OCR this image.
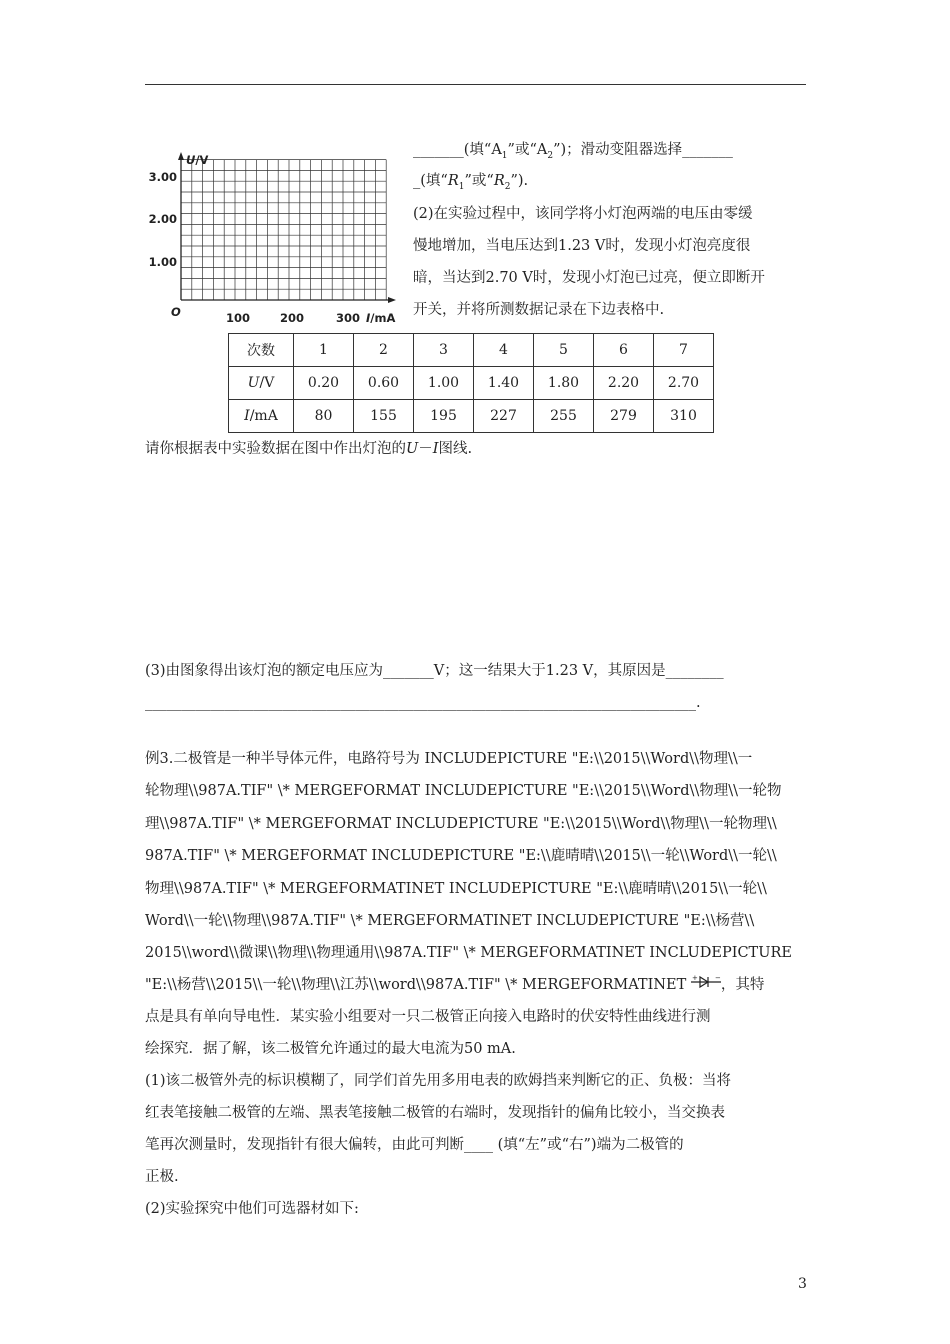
U/V
3.00
2.00
1.00
O	100	200	300 I/mA
_______(填“$A_1$”或“$A_2$”)；滑动变阻器选择_______
_(填“$R_1$”或“$R_2$”).
(2)在实验过程中，该同学将小灯泡两端的电压由零缓
慢地增加，当电压达到1.23 V时，发现小灯泡亮度很
暗，当达到2.70 V时，发现小灯泡已过亮，便立即断开
开关，并将所测数据记录在下边表格中.
次数	1	2	3	4	5	6	7
U/V	0.20	0.60	1.00	1.40	1.80	2.20	2.70
I/mA	80	155	195	227	255	279	310
请你根据表中实验数据在图中作出灯泡的U－I图线.
(3)由图象得出该灯泡的额定电压应为_______V；这一结果大于1.23 V，其原因是________
____________________________________________________________________________.
例3.二极管是一种半导体元件，电路符号为 INCLUDEPICTURE "E:\\2015\\Word\\物理\\一
轮物理\\987A.TIF" \* MERGEFORMAT INCLUDEPICTURE "E:\\2015\\Word\\物理\\一轮物
理\\987A.TIF" \* MERGEFORMAT INCLUDEPICTURE "E:\\2015\\Word\\物理\\一轮物理\\
987A.TIF" \* MERGEFORMAT INCLUDEPICTURE "E:\\鹿晴晴\\2015\\一轮\\Word\\一轮\\
物理\\987A.TIF" \* MERGEFORMATINET INCLUDEPICTURE "E:\\鹿晴晴\\2015\\一轮\\
Word\\一轮\\物理\\987A.TIF" \* MERGEFORMATINET INCLUDEPICTURE "E:\\杨营\\
2015\\word\\微课\\物理\\物理通用\\987A.TIF" \* MERGEFORMATINET INCLUDEPICTURE
"E:\\杨营\\2015\\一轮\\物理\\江苏\\word\\987A.TIF" \* MERGEFORMATINET + − ，其特
点是具有单向导电性．某实验小组要对一只二极管正向接入电路时的伏安特性曲线进行测
绘探究．据了解，该二极管允许通过的最大电流为50 mA.
(1)该二极管外壳的标识模糊了，同学们首先用多用电表的欧姆挡来判断它的正、负极：当将
红表笔接触二极管的左端、黑表笔接触二极管的右端时，发现指针的偏角比较小，当交换表
笔再次测量时，发现指针有很大偏转，由此可判断____ (填“左”或“右”)端为二极管的
正极.
(2)实验探究中他们可选器材如下:
3
